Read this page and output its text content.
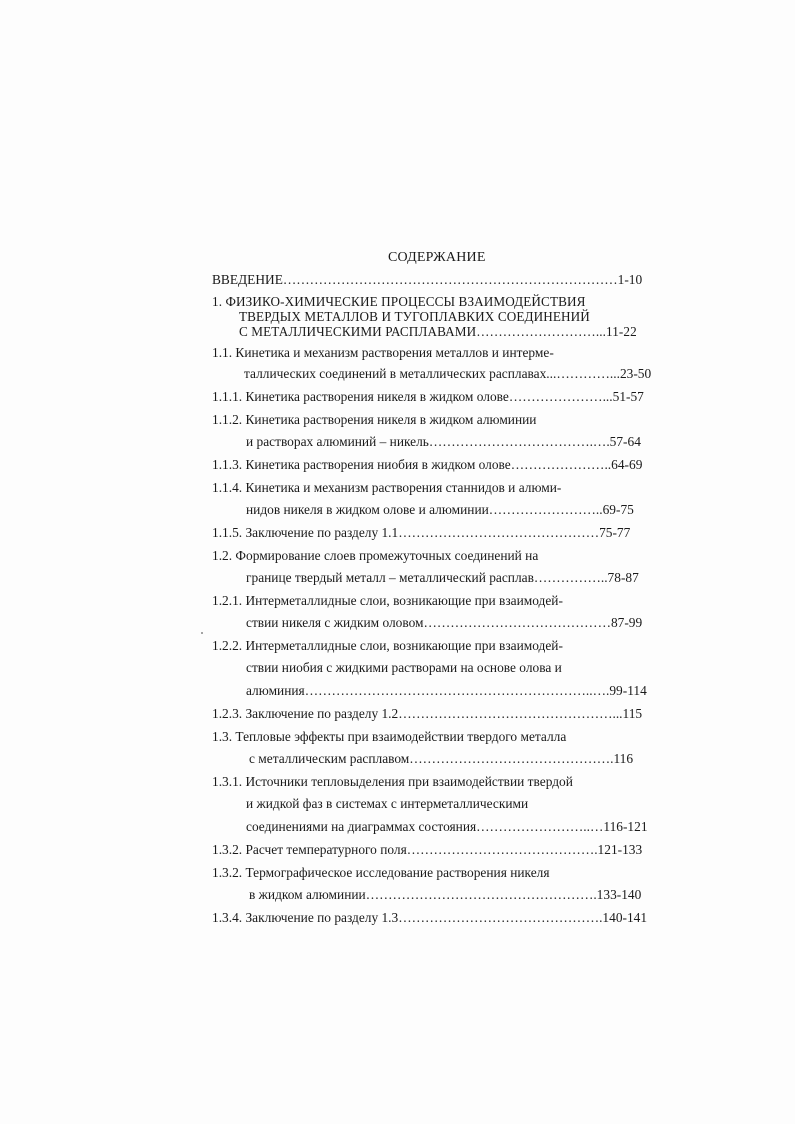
СОДЕРЖАНИЕ
ВВЕДЕНИЕ…………………………………………………………………1-10
1. ФИЗИКО-ХИМИЧЕСКИЕ ПРОЦЕССЫ ВЗАИМОДЕЙСТВИЯ
ТВЕРДЫХ МЕТАЛЛОВ И ТУГОПЛАВКИХ СОЕДИНЕНИЙ
С МЕТАЛЛИЧЕСКИМИ РАСПЛАВАМИ………………………...11-22
1.1. Кинетика и механизм растворения металлов и интерме-
таллических соединений в металлических расплавах...…………...23-50
1.1.1. Кинетика растворения никеля в жидком олове…………………...51-57
1.1.2. Кинетика растворения никеля в жидком алюминии
и растворах алюминий – никель……………………………….….57-64
1.1.3. Кинетика растворения ниобия в жидком олове…………………..64-69
1.1.4. Кинетика и механизм растворения станнидов и алюми-
нидов никеля в жидком олове и алюминии……………………..69-75
1.1.5. Заключение по разделу 1.1………………………………………75-77
1.2. Формирование слоев промежуточных соединений на
границе твердый металл – металлический расплав……………..78-87
1.2.1. Интерметаллидные слои, возникающие при взаимодей-
ствии никеля с жидким оловом……………………………………87-99
1.2.2. Интерметаллидные слои, возникающие при взаимодей-
ствии ниобия с жидкими растворами на основе олова и
алюминия………………………………………………………..….99-114
1.2.3. Заключение по разделу 1.2…………………………………………...115
1.3. Тепловые эффекты при взаимодействии твердого металла
с металлическим расплавом……………………………………….116
1.3.1. Источники тепловыделения при взаимодействии твердой
и жидкой фаз в системах с интерметаллическими
соединениями на диаграммах состояния……………………..…116-121
1.3.2. Расчет температурного поля…………………………………….121-133
1.3.2. Термографическое исследование растворения никеля
в жидком алюминии…………………………………………….133-140
1.3.4. Заключение по разделу 1.3……………………………………….140-141
